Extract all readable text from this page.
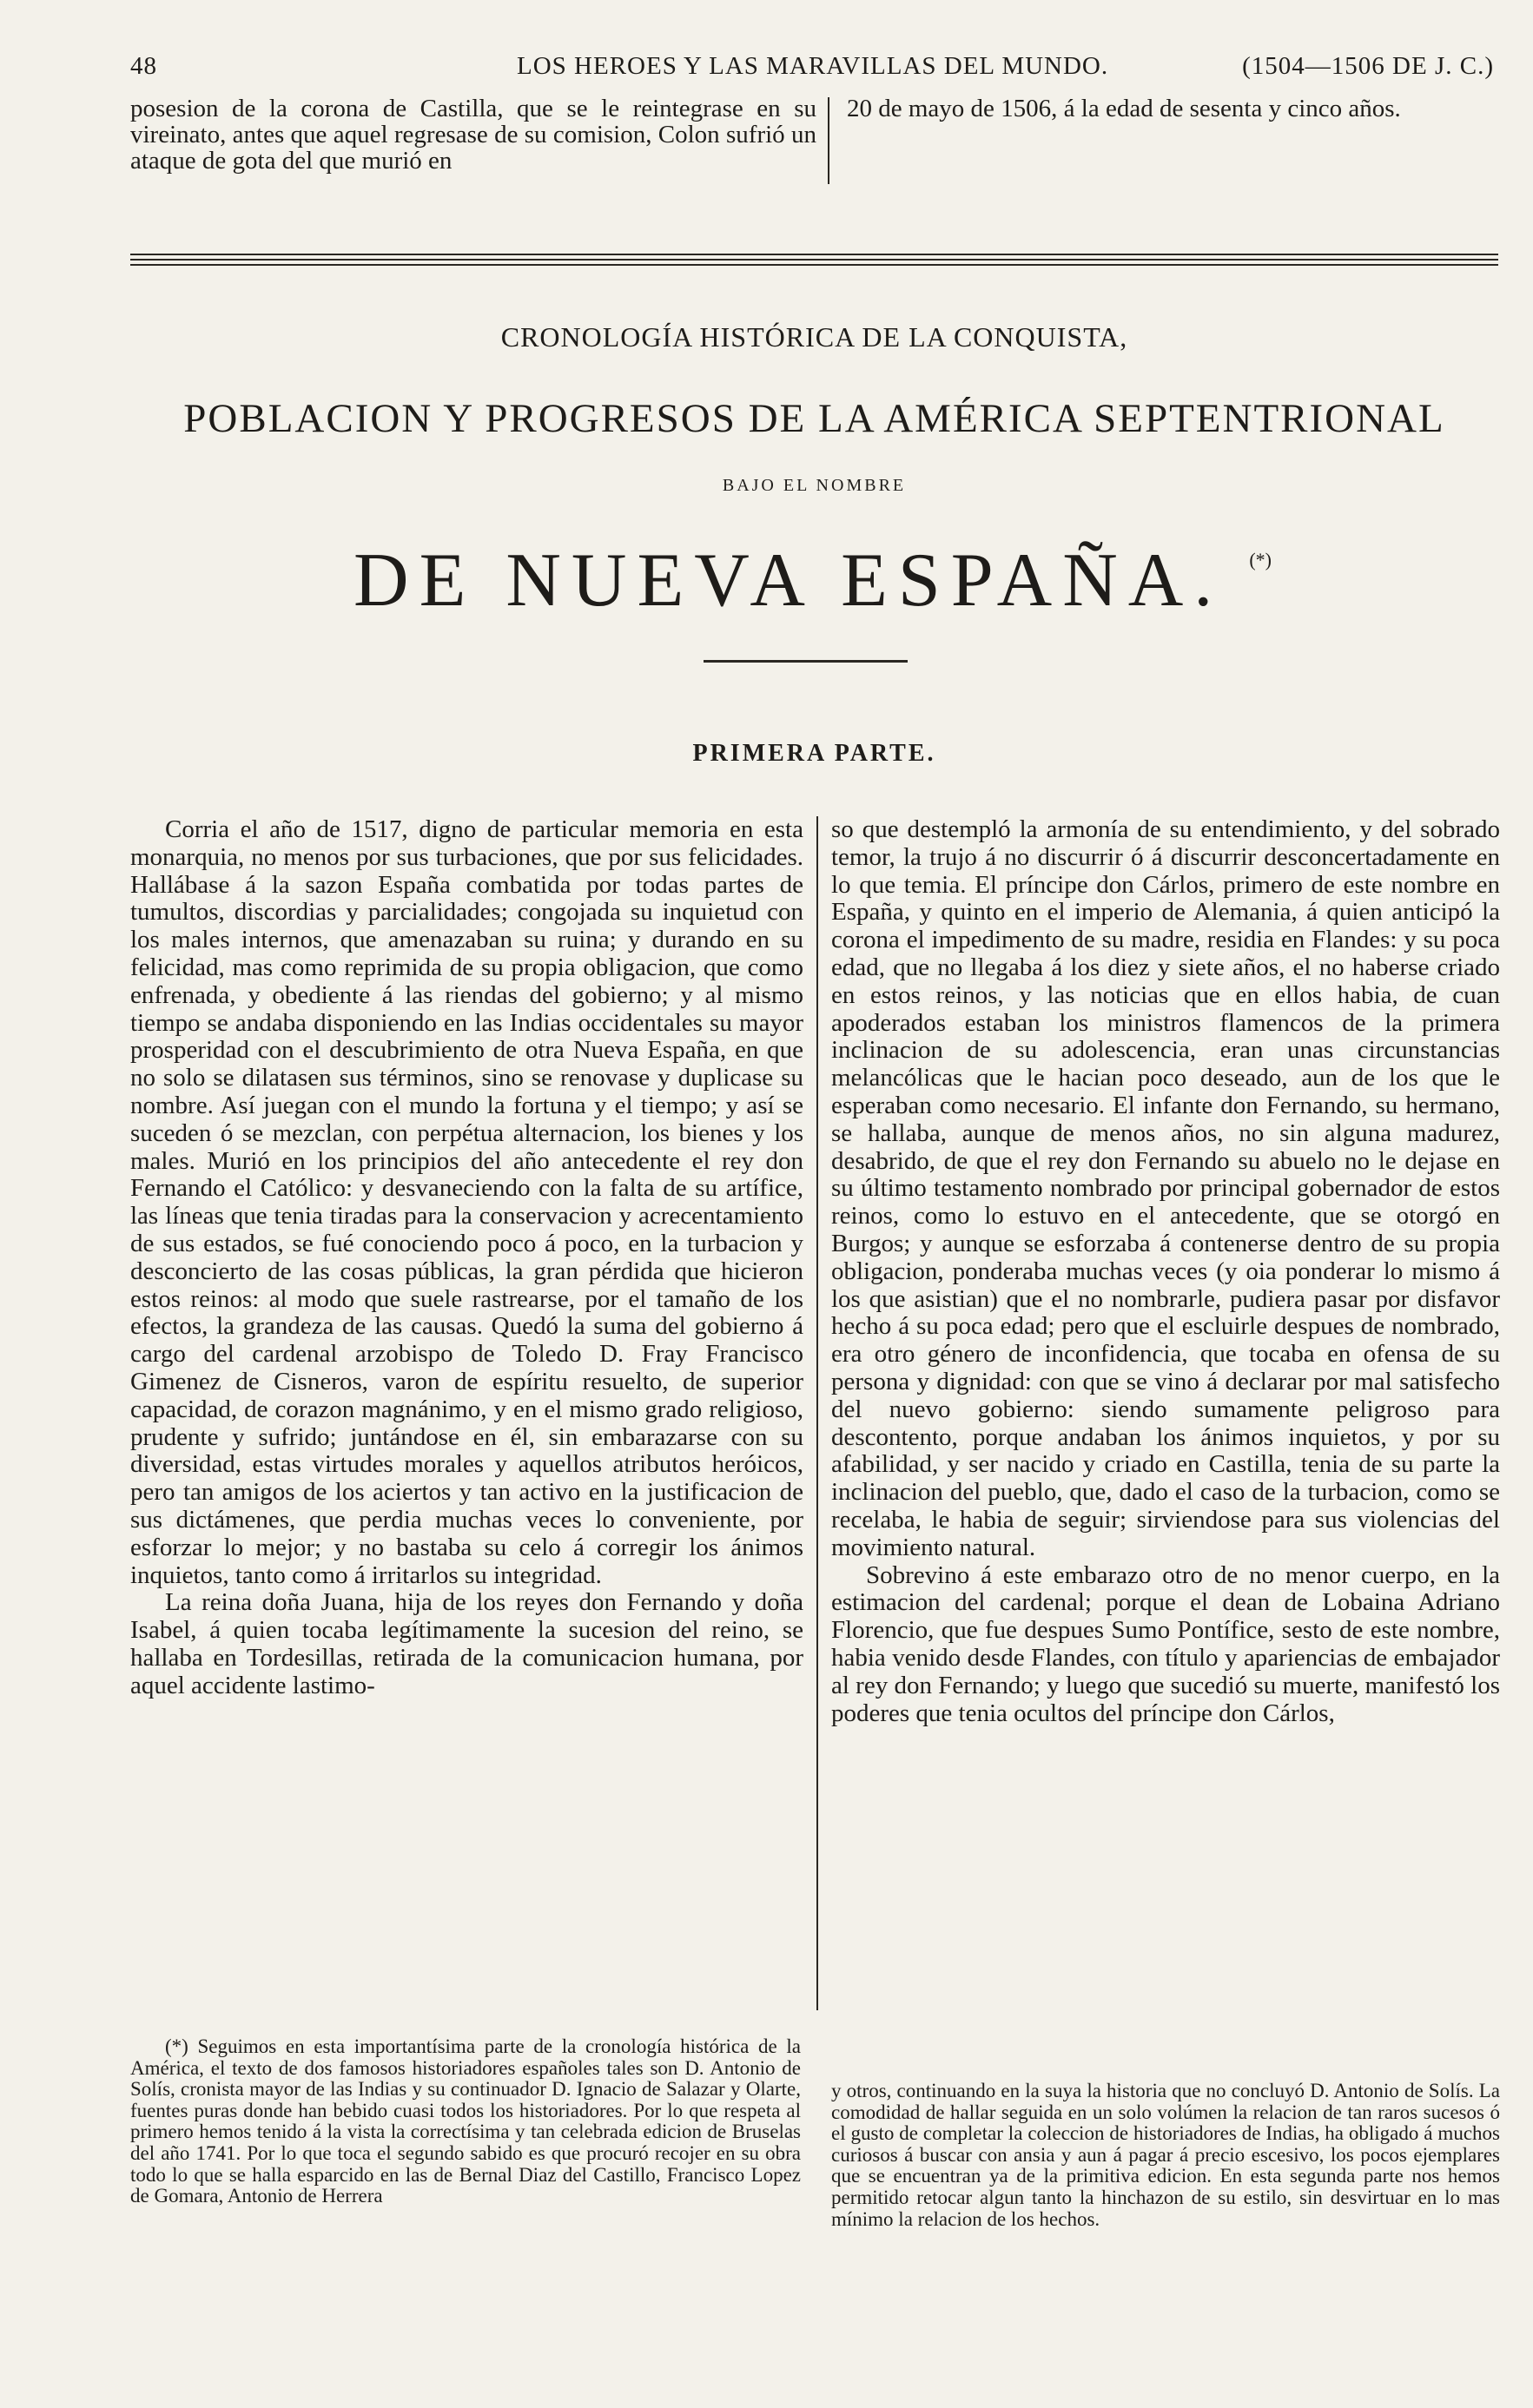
48	LOS HEROES Y LAS MARAVILLAS DEL MUNDO.	(1504—1506 DE J. C.)
posesion de la corona de Castilla, que se le reintegrase en su vireinato, antes que aquel regresase de su comision, Colon sufrió un ataque de gota del que murió en
20 de mayo de 1506, á la edad de sesenta y cinco años.
CRONOLOGÍA HISTÓRICA DE LA CONQUISTA,
POBLACION Y PROGRESOS DE LA AMÉRICA SEPTENTRIONAL
BAJO EL NOMBRE
DE NUEVA ESPAÑA. (*)
PRIMERA PARTE.

Corria el año de 1517, digno de particular memoria en esta monarquia, no menos por sus turbaciones, que por sus felicidades. Hallábase á la sazon España combatida por todas partes de tumultos, discordias y parcialidades; congojada su inquietud con los males internos, que amenazaban su ruina; y durando en su felicidad, mas como reprimida de su propia obligacion, que como enfrenada, y obediente á las riendas del gobierno; y al mismo tiempo se andaba disponiendo en las Indias occidentales su mayor prosperidad con el descubrimiento de otra Nueva España, en que no solo se dilatasen sus términos, sino se renovase y duplicase su nombre. Así juegan con el mundo la fortuna y el tiempo; y así se suceden ó se mezclan, con perpétua alternacion, los bienes y los males. Murió en los principios del año antecedente el rey don Fernando el Católico: y desvaneciendo con la falta de su artífice, las líneas que tenia tiradas para la conservacion y acrecentamiento de sus estados, se fué conociendo poco á poco, en la turbacion y desconcierto de las cosas públicas, la gran pérdida que hicieron estos reinos: al modo que suele rastrearse, por el tamaño de los efectos, la grandeza de las causas. Quedó la suma del gobierno á cargo del cardenal arzobispo de Toledo D. Fray Francisco Gimenez de Cisneros, varon de espíritu resuelto, de superior capacidad, de corazon magnánimo, y en el mismo grado religioso, prudente y sufrido; juntándose en él, sin embarazarse con su diversidad, estas virtudes morales y aquellos atributos heróicos, pero tan amigos de los aciertos y tan activo en la justificacion de sus dictámenes, que perdia muchas veces lo conveniente, por esforzar lo mejor; y no bastaba su celo á corregir los ánimos inquietos, tanto como á irritarlos su integridad.

La reina doña Juana, hija de los reyes don Fernando y doña Isabel, á quien tocaba legítimamente la sucesion del reino, se hallaba en Tordesillas, retirada de la comunicacion humana, por aquel accidente lastimo-

so que destempló la armonía de su entendimiento, y del sobrado temor, la trujo á no discurrir ó á discurrir desconcertadamente en lo que temia. El príncipe don Cárlos, primero de este nombre en España, y quinto en el imperio de Alemania, á quien anticipó la corona el impedimento de su madre, residia en Flandes: y su poca edad, que no llegaba á los diez y siete años, el no haberse criado en estos reinos, y las noticias que en ellos habia, de cuan apoderados estaban los ministros flamencos de la primera inclinacion de su adolescencia, eran unas circunstancias melancólicas que le hacian poco deseado, aun de los que le esperaban como necesario. El infante don Fernando, su hermano, se hallaba, aunque de menos años, no sin alguna madurez, desabrido, de que el rey don Fernando su abuelo no le dejase en su último testamento nombrado por principal gobernador de estos reinos, como lo estuvo en el antecedente, que se otorgó en Burgos; y aunque se esforzaba á contenerse dentro de su propia obligacion, ponderaba muchas veces (y oia ponderar lo mismo á los que asistian) que el no nombrarle, pudiera pasar por disfavor hecho á su poca edad; pero que el escluirle despues de nombrado, era otro género de inconfidencia, que tocaba en ofensa de su persona y dignidad: con que se vino á declarar por mal satisfecho del nuevo gobierno: siendo sumamente peligroso para descontento, porque andaban los ánimos inquietos, y por su afabilidad, y ser nacido y criado en Castilla, tenia de su parte la inclinacion del pueblo, que, dado el caso de la turbacion, como se recelaba, le habia de seguir; sirviendose para sus violencias del movimiento natural.

Sobrevino á este embarazo otro de no menor cuerpo, en la estimacion del cardenal; porque el dean de Lobaina Adriano Florencio, que fue despues Sumo Pontífice, sesto de este nombre, habia venido desde Flandes, con título y apariencias de embajador al rey don Fernando; y luego que sucedió su muerte, manifestó los poderes que tenia ocultos del príncipe don Cárlos,

(*) Seguimos en esta importantísima parte de la cronología histórica de la América, el texto de dos famosos historiadores españoles tales son D. Antonio de Solís, cronista mayor de las Indias y su continuador D. Ignacio de Salazar y Olarte, fuentes puras donde han bebido cuasi todos los historiadores. Por lo que respeta al primero hemos tenido á la vista la correctísima y tan celebrada edicion de Bruselas del año 1741. Por lo que toca el segundo sabido es que procuró recojer en su obra todo lo que se halla esparcido en las de Bernal Diaz del Castillo, Francisco Lopez de Gomara, Antonio de Herrera

y otros, continuando en la suya la historia que no concluyó D. Antonio de Solís. La comodidad de hallar seguida en un solo volúmen la relacion de tan raros sucesos ó el gusto de completar la coleccion de historiadores de Indias, ha obligado á muchos curiosos á buscar con ansia y aun á pagar á precio escesivo, los pocos ejemplares que se encuentran ya de la primitiva edicion. En esta segunda parte nos hemos permitido retocar algun tanto la hinchazon de su estilo, sin desvirtuar en lo mas mínimo la relacion de los hechos.
